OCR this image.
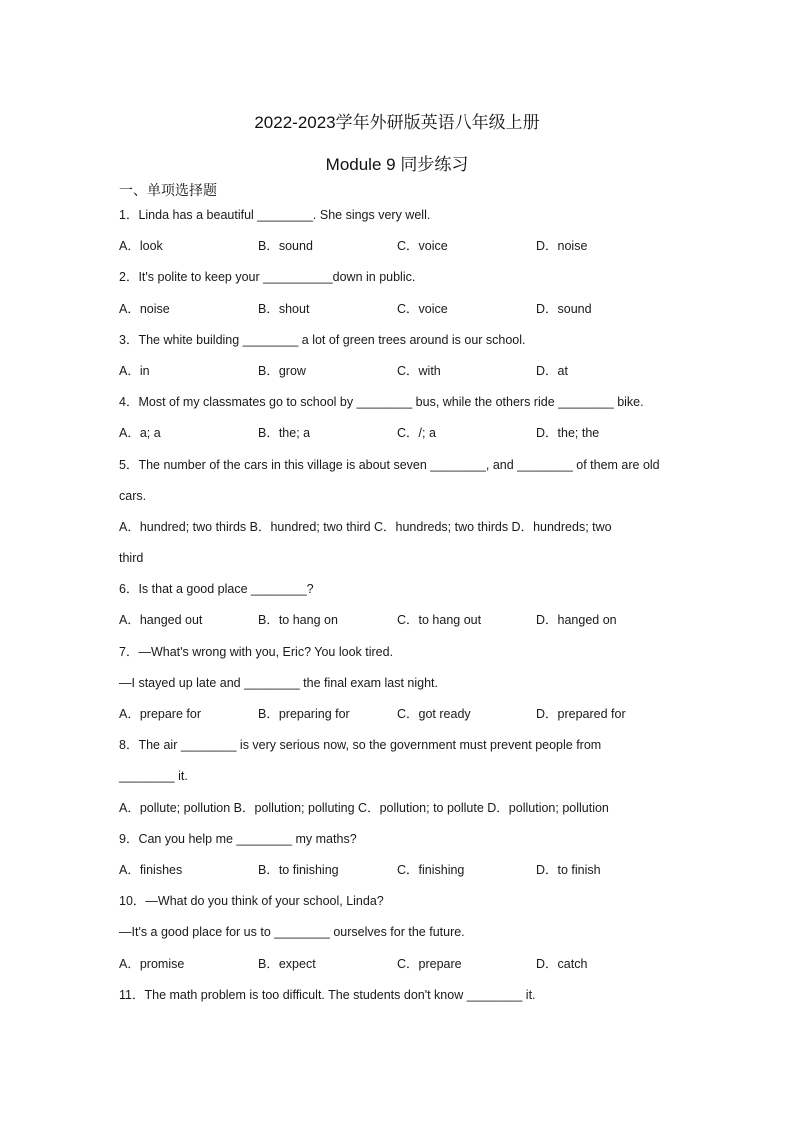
2022-2023学年外研版英语八年级上册
Module 9 同步练习
一、单项选择题
1．Linda has a beautiful ________. She sings very well.
A．look	B．sound	C．voice	D．noise
2．It's polite to keep your __________down in public.
A．noise	B．shout	C．voice	D．sound
3．The white building ________ a lot of green trees around is our school.
A．in	B．grow	C．with	D．at
4．Most of my classmates go to school by ________ bus, while the others ride ________ bike.
A．a; a	B．the; a	C．/; a	D．the; the
5．The number of the cars in this village is about seven ________, and ________ of them are old
cars.
A．hundred; two thirds B．hundred; two third C．hundreds; two thirds D．hundreds; two
third
6．Is that a good place ________?
A．hanged out	B．to hang on	C．to hang out	D．hanged on
7．—What's wrong with you, Eric? You look tired.
—I stayed up late and ________ the final exam last night.
A．prepare for	B．preparing for	C．got ready	D．prepared for
8．The air ________ is very serious now, so the government must prevent people from
________ it.
A．pollute; pollution B．pollution; polluting C．pollution; to pollute D．pollution; pollution
9．Can you help me ________ my maths?
A．finishes	B．to finishing	C．finishing	D．to finish
10．—What do you think of your school, Linda?
—It's a good place for us to ________ ourselves for the future.
A．promise	B．expect	C．prepare	D．catch
11．The math problem is too difficult. The students don't know ________ it.
